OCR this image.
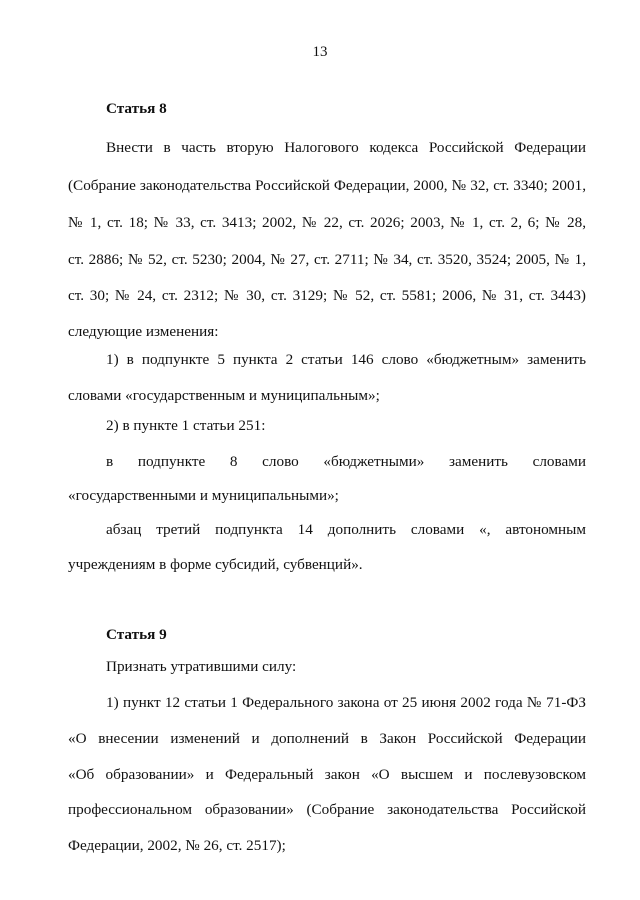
13
Статья 8
Внести в часть вторую Налогового кодекса Российской Федерации
(Собрание законодательства Российской Федерации, 2000, № 32, ст. 3340; 2001,
№ 1, ст. 18; № 33, ст. 3413; 2002, № 22, ст. 2026; 2003, № 1, ст. 2, 6; № 28,
ст. 2886; № 52, ст. 5230; 2004, № 27, ст. 2711; № 34, ст. 3520, 3524; 2005, № 1,
ст. 30; № 24, ст. 2312; № 30, ст. 3129; № 52, ст. 5581; 2006, № 31, ст. 3443)
следующие изменения:
1) в подпункте 5 пункта 2 статьи 146 слово «бюджетным» заменить
словами «государственным и муниципальным»;
2) в пункте 1 статьи 251:
в подпункте 8 слово «бюджетными» заменить словами
«государственными и муниципальными»;
абзац третий подпункта 14 дополнить словами «, автономным
учреждениям в форме субсидий, субвенций».
Статья 9
Признать утратившими силу:
1) пункт 12 статьи 1 Федерального закона от 25 июня 2002 года № 71-ФЗ
«О внесении изменений и дополнений в Закон Российской Федерации
«Об образовании» и Федеральный закон «О высшем и послевузовском
профессиональном образовании» (Собрание законодательства Российской
Федерации, 2002, № 26, ст. 2517);
